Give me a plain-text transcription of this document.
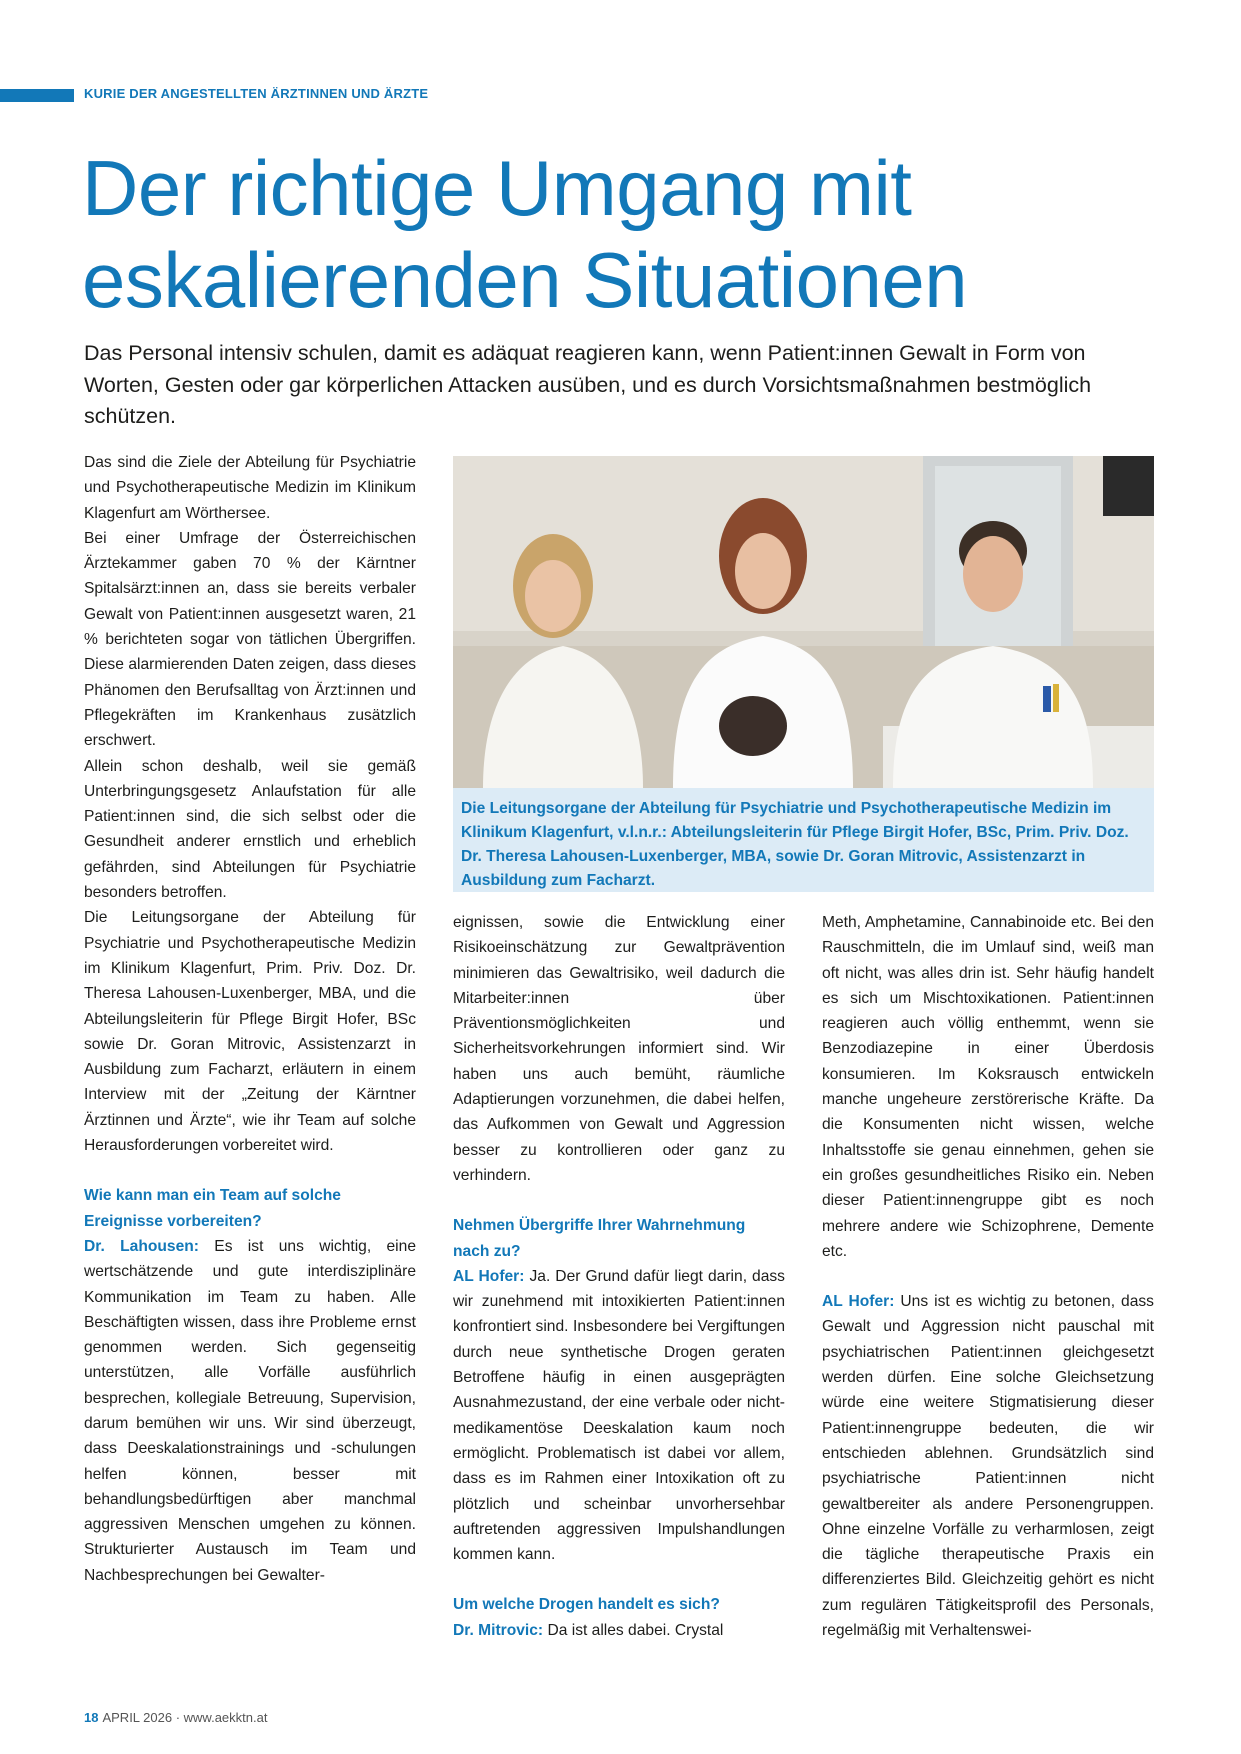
KURIE DER ANGESTELLTEN ÄRZTINNEN UND ÄRZTE
Der richtige Umgang mit
eskalierenden Situationen

Das Personal intensiv schulen, damit es adäquat reagieren kann, wenn Patient:innen Gewalt in Form von Worten, Gesten oder gar körperlichen Attacken ausüben, und es durch Vorsichtsmaßnahmen bestmöglich schützen.

Das sind die Ziele der Abteilung für Psychiatrie und Psychotherapeutische Medizin im Klinikum Klagenfurt am Wörthersee.

Bei einer Umfrage der Österreichischen Ärztekammer gaben 70 % der Kärntner Spitalsärzt:innen an, dass sie bereits verbaler Gewalt von Patient:innen ausgesetzt waren, 21 % berichteten sogar von tätlichen Übergriffen. Diese alarmierenden Daten zeigen, dass dieses Phänomen den Berufsalltag von Ärzt:innen und Pflegekräften im Krankenhaus zusätzlich erschwert.

Allein schon deshalb, weil sie gemäß Unterbringungsgesetz Anlaufstation für alle Patient:innen sind, die sich selbst oder die Gesundheit anderer ernstlich und erheblich gefährden, sind Abteilungen für Psychiatrie besonders betroffen.

Die Leitungsorgane der Abteilung für Psychiatrie und Psychotherapeutische Medizin im Klinikum Klagenfurt, Prim. Priv. Doz. Dr. Theresa Lahousen-Luxenberger, MBA, und die Abteilungsleiterin für Pflege Birgit Hofer, BSc sowie Dr. Goran Mitrovic, Assistenzarzt in Ausbildung zum Facharzt, erläutern in einem Interview mit der „Zeitung der Kärntner Ärztinnen und Ärzte“, wie ihr Team auf solche Herausforderungen vorbereitet wird.

Wie kann man ein Team auf solche Ereignisse vorbereiten?

Dr. Lahousen: Es ist uns wichtig, eine wertschätzende und gute interdisziplinäre Kommunikation im Team zu haben. Alle Beschäftigten wissen, dass ihre Probleme ernst genommen werden. Sich gegenseitig unterstützen, alle Vorfälle ausführlich besprechen, kollegiale Betreuung, Supervision, darum bemühen wir uns. Wir sind überzeugt, dass Deeskalationstrainings und -schulungen helfen können, besser mit behandlungsbedürftigen aber manchmal aggressiven Menschen umgehen zu können. Strukturierter Austausch im Team und Nachbesprechungen bei Gewalter-

Die Leitungsorgane der Abteilung für Psychiatrie und Psychotherapeutische Medizin im Klinikum Klagenfurt, v.l.n.r.: Abteilungsleiterin für Pflege Birgit Hofer, BSc, Prim. Priv. Doz. Dr. Theresa Lahousen-Luxenberger, MBA, sowie Dr. Goran Mitrovic, Assistenzarzt in Ausbildung zum Facharzt.

eignissen, sowie die Entwicklung einer Risikoeinschätzung zur Gewaltprävention minimieren das Gewaltrisiko, weil dadurch die Mitarbeiter:innen über Präventionsmöglichkeiten und Sicherheitsvorkehrungen informiert sind. Wir haben uns auch bemüht, räumliche Adaptierungen vorzunehmen, die dabei helfen, das Aufkommen von Gewalt und Aggression besser zu kontrollieren oder ganz zu verhindern.

Nehmen Übergriffe Ihrer Wahrnehmung nach zu?

AL Hofer: Ja. Der Grund dafür liegt darin, dass wir zunehmend mit intoxikierten Patient:innen konfrontiert sind. Insbesondere bei Vergiftungen durch neue synthetische Drogen geraten Betroffene häufig in einen ausgeprägten Ausnahmezustand, der eine verbale oder nicht-medikamentöse Deeskalation kaum noch ermöglicht. Problematisch ist dabei vor allem, dass es im Rahmen einer Intoxikation oft zu plötzlich und scheinbar unvorhersehbar auftretenden aggressiven Impulshandlungen kommen kann.

Um welche Drogen handelt es sich?

Dr. Mitrovic: Da ist alles dabei. Crystal

Meth, Amphetamine, Cannabinoide etc. Bei den Rauschmitteln, die im Umlauf sind, weiß man oft nicht, was alles drin ist. Sehr häufig handelt es sich um Mischtoxikationen. Patient:innen reagieren auch völlig enthemmt, wenn sie Benzodiazepine in einer Überdosis konsumieren. Im Koksrausch entwickeln manche ungeheure zerstörerische Kräfte. Da die Konsumenten nicht wissen, welche Inhaltsstoffe sie genau einnehmen, gehen sie ein großes gesundheitliches Risiko ein. Neben dieser Patient:innengruppe gibt es noch mehrere andere wie Schizophrene, Demente etc.

AL Hofer: Uns ist es wichtig zu betonen, dass Gewalt und Aggression nicht pauschal mit psychiatrischen Patient:innen gleichgesetzt werden dürfen. Eine solche Gleichsetzung würde eine weitere Stigmatisierung dieser Patient:innengruppe bedeuten, die wir entschieden ablehnen. Grundsätzlich sind psychiatrische Patient:innen nicht gewaltbereiter als andere Personengruppen. Ohne einzelne Vorfälle zu verharmlosen, zeigt die tägliche therapeutische Praxis ein differenziertes Bild. Gleichzeitig gehört es nicht zum regulären Tätigkeitsprofil des Personals, regelmäßig mit Verhaltenswei-

18 APRIL 2026 · www.aekktn.at
